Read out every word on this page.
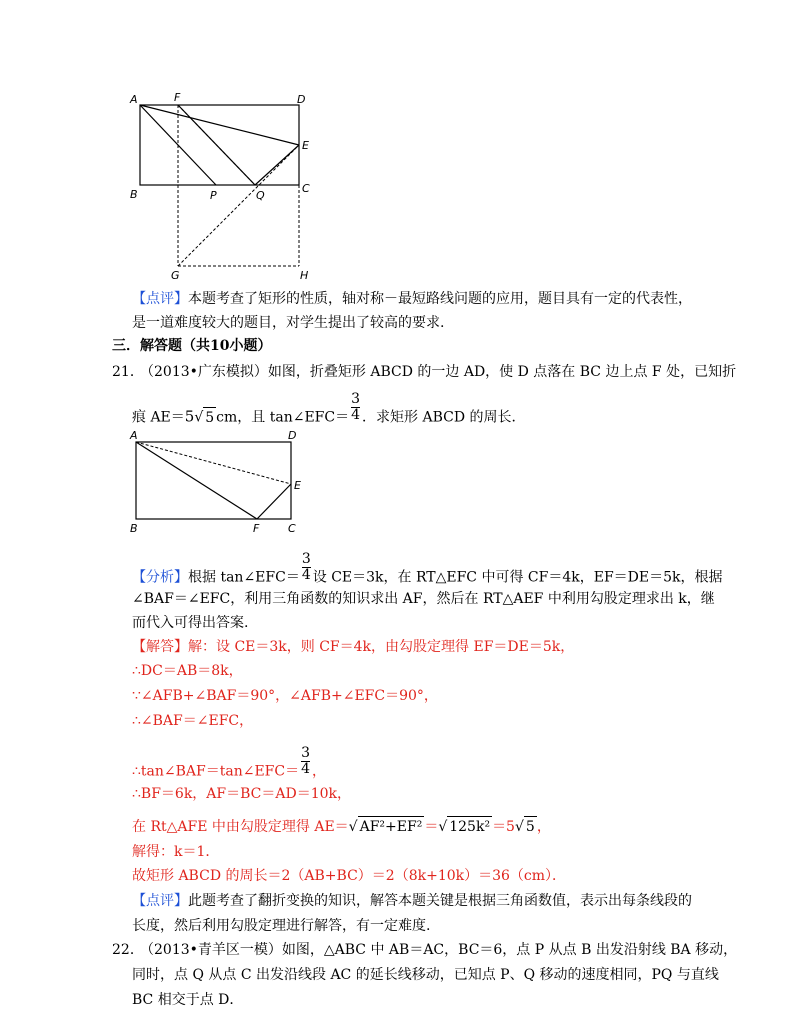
A	F	D
E
B	P	Q
C
G	H
【点评】本题考查了矩形的性质，轴对称－最短路线问题的应用，题目具有一定的代表性，
是一道难度较大的题目，对学生提出了较高的要求.
三．解答题（共10小题）
21．
（2013•广东模拟）如图，折叠矩形 ABCD 的一边 AD，使 D 点落在 BC 边上点 F 处，已知折
痕 AE＝5√ 5 cm，且 tan∠EFC＝ $\frac{3}{4}$ ．求矩形 ABCD 的周长．
A	D
E
B	F	C
【分析】根据 tan∠EFC＝ $\frac{3}{4}$ 设 CE＝3k，在 RT△EFC 中可得 CF＝4k，EF＝DE＝5k，根据
∠BAF＝∠EFC，利用三角函数的知识求出 AF，然后在 RT△AEF 中利用勾股定理求出 k，继
而代入可得出答案.
【解答】解：设 CE＝3k，则 CF＝4k，由勾股定理得 EF＝DE＝5k，
∴DC＝AB＝8k，
∵∠AFB+∠BAF＝90°，∠AFB+∠EFC＝90°，
∴∠BAF＝∠EFC，
∴tan∠BAF＝tan∠EFC＝ $\frac{3}{4}$ ，
∴BF＝6k，AF＝BC＝AD＝10k，
在 Rt△AFE 中由勾股定理得 AE＝√ AF²+EF² ＝√ 125k² ＝5√ 5 ，
解得：k＝1．
故矩形 ABCD 的周长＝2（AB+BC）＝2（8k+10k）＝36（cm）．
【点评】此题考查了翻折变换的知识，解答本题关键是根据三角函数值，表示出每条线段的
长度，然后利用勾股定理进行解答，有一定难度.
22．
（2013•青羊区一模）如图，△ABC 中 AB＝AC，BC＝6，点 P 从点 B 出发沿射线 BA 移动，
同时，点 Q 从点 C 出发沿线段 AC 的延长线移动，已知点 P、Q 移动的速度相同，PQ 与直线
BC 相交于点 D．
